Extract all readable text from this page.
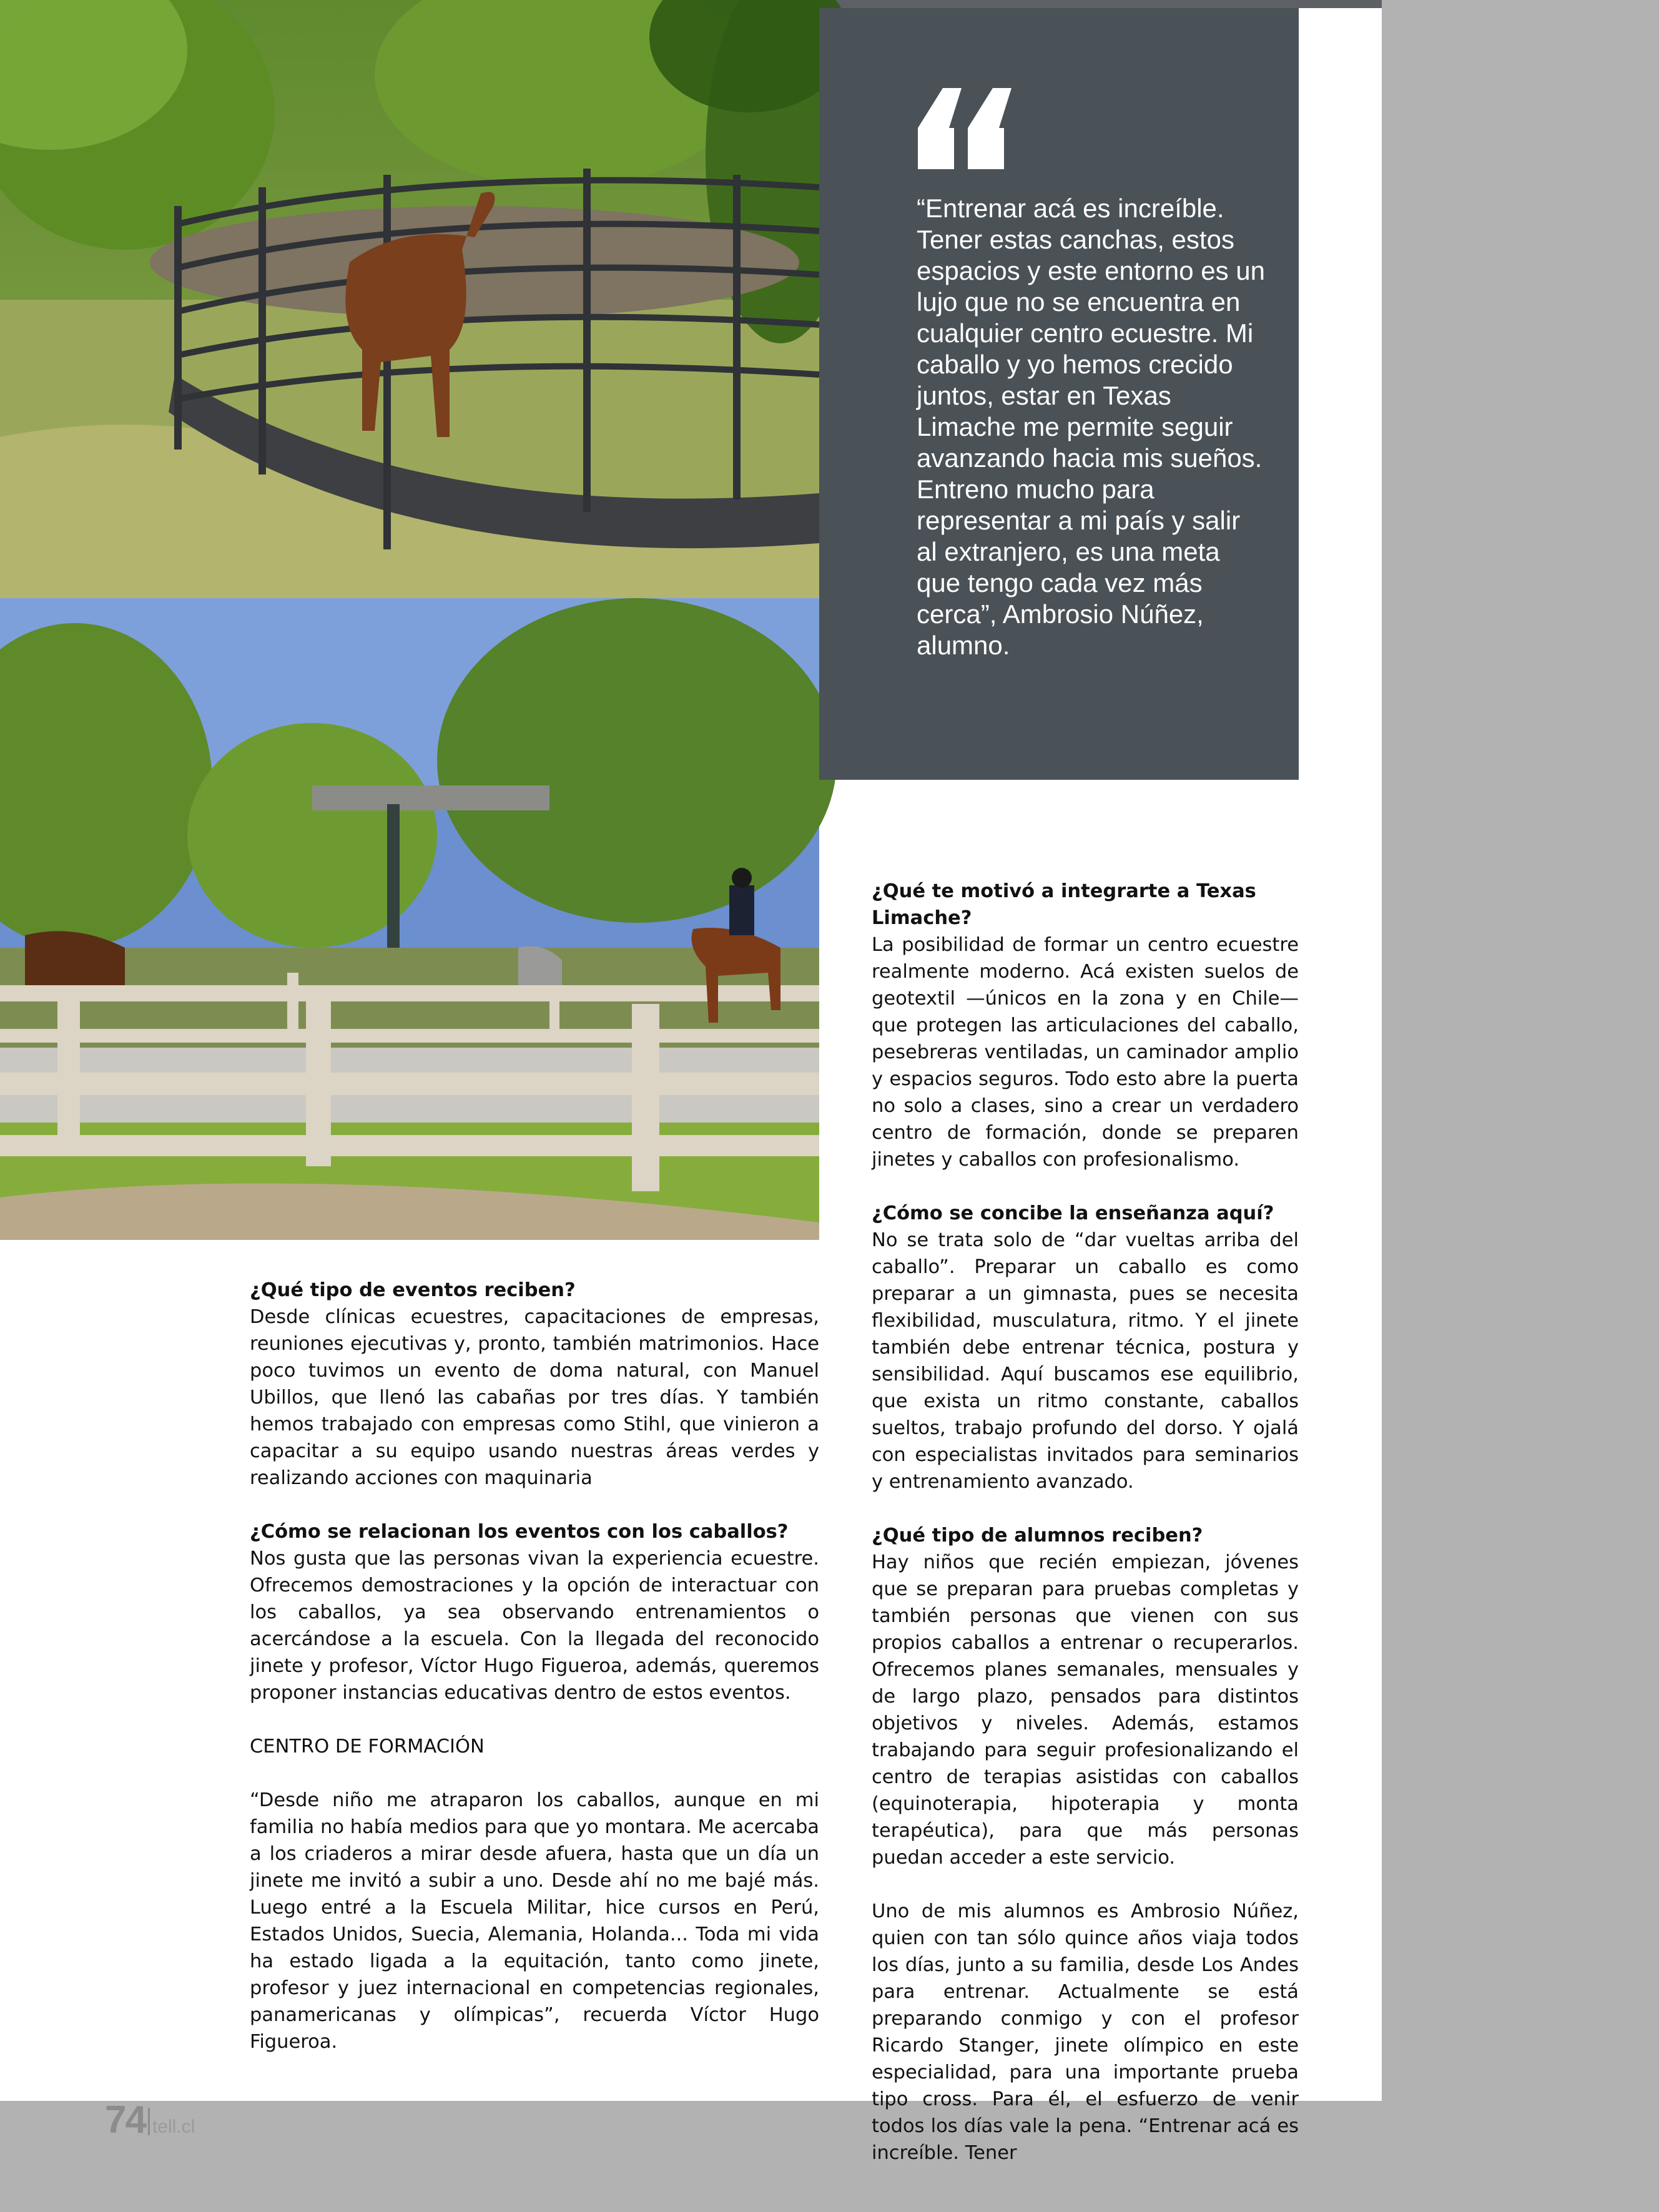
“Entrenar acá es increíble. Tener estas canchas, estos espacios y este entorno es un lujo que no se encuentra en cualquier centro ecuestre. Mi caballo y yo hemos crecido juntos, estar en Texas Limache me permite seguir avanzando hacia mis sueños. Entreno mucho para representar a mi país y salir al extranjero, es una meta que tengo cada vez más cerca”, Ambrosio Núñez, alumno.

¿Qué tipo de eventos reciben?

Desde clínicas ecuestres, capacitaciones de empresas, reuniones ejecutivas y, pronto, también matrimonios. Hace poco tuvimos un evento de doma natural, con Manuel Ubillos, que llenó las cabañas por tres días. Y también hemos trabajado con empresas como Stihl, que vinieron a capacitar a su equipo usando nuestras áreas verdes y realizando acciones con maquinaria

¿Cómo se relacionan los eventos con los caballos?

Nos gusta que las personas vivan la experiencia ecuestre. Ofrecemos demostraciones y la opción de interactuar con los caballos, ya sea observando entrenamientos o acercándose a la escuela. Con la llegada del reconocido jinete y profesor, Víctor Hugo Figueroa, además, queremos proponer instancias educativas dentro de estos eventos.

CENTRO DE FORMACIÓN

“Desde niño me atraparon los caballos, aunque en mi familia no había medios para que yo montara. Me acercaba a los criaderos a mirar desde afuera, hasta que un día un jinete me invitó a subir a uno. Desde ahí no me bajé más. Luego entré a la Escuela Militar, hice cursos en Perú, Estados Unidos, Suecia, Alemania, Holanda... Toda mi vida ha estado ligada a la equitación, tanto como jinete, profesor y juez internacional en competencias regionales, panamericanas y olímpicas”, recuerda Víctor Hugo Figueroa.

¿Qué te motivó a integrarte a Texas Limache?

La posibilidad de formar un centro ecuestre realmente moderno. Acá existen suelos de geotextil —únicos en la zona y en Chile— que protegen las articulaciones del caballo, pesebreras ventiladas, un caminador amplio y espacios seguros. Todo esto abre la puerta no solo a clases, sino a crear un verdadero centro de formación, donde se preparen jinetes y caballos con profesionalismo.

¿Cómo se concibe la enseñanza aquí?

No se trata solo de “dar vueltas arriba del caballo”. Preparar un caballo es como preparar a un gimnasta, pues se necesita flexibilidad, musculatura, ritmo. Y el jinete también debe entrenar técnica, postura y sensibilidad. Aquí buscamos ese equilibrio, que exista un ritmo constante, caballos sueltos, trabajo profundo del dorso. Y ojalá con especialistas invitados para seminarios y entrenamiento avanzado.

¿Qué tipo de alumnos reciben?

Hay niños que recién empiezan, jóvenes que se preparan para pruebas completas y también personas que vienen con sus propios caballos a entrenar o recuperarlos. Ofrecemos planes semanales, mensuales y de largo plazo, pensados para distintos objetivos y niveles. Además, estamos trabajando para seguir profesionalizando el centro de terapias asistidas con caballos (equinoterapia, hipoterapia y monta terapéutica), para que más personas puedan acceder a este servicio.

Uno de mis alumnos es Ambrosio Núñez, quien con tan sólo quince años viaja todos los días, junto a su familia, desde Los Andes para entrenar. Actualmente se está preparando conmigo y con el profesor Ricardo Stanger, jinete olímpico en este especialidad, para una importante prueba tipo cross. Para él, el esfuerzo de venir todos los días vale la pena. “Entrenar acá es increíble. Tener

74 tell.cl
